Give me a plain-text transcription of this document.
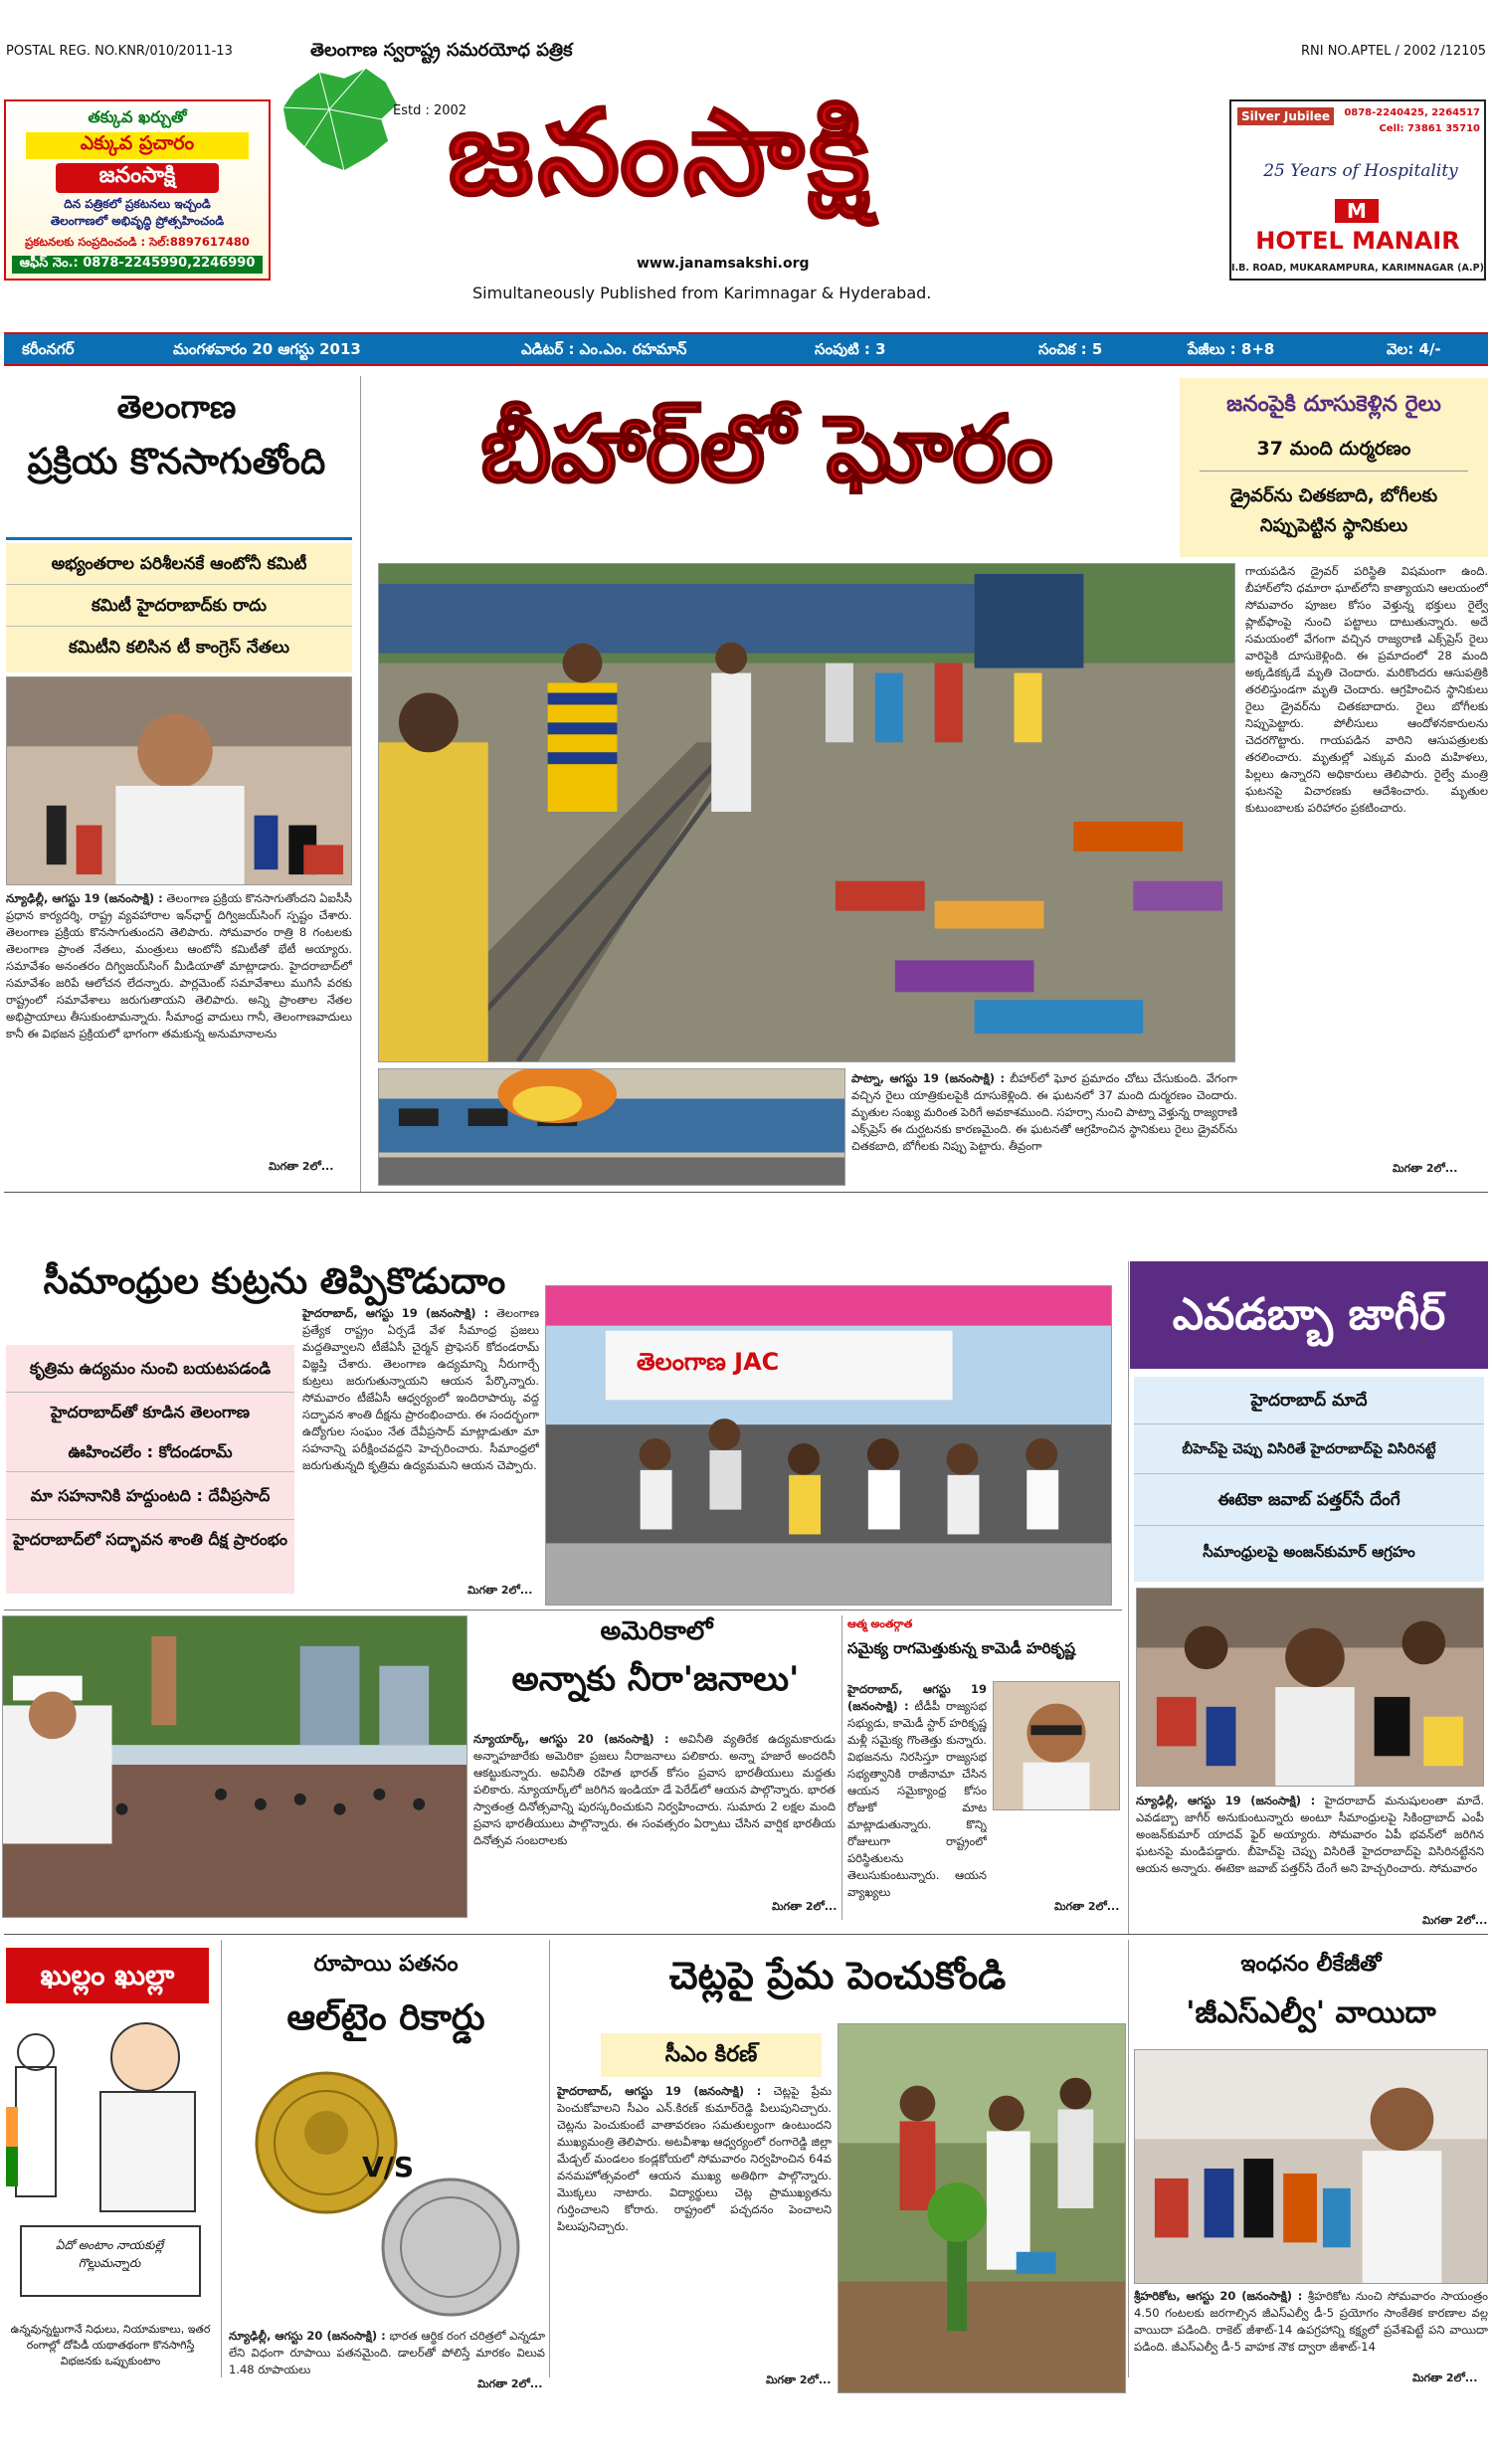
POSTAL REG. NO.KNR/010/2011-13	RNI NO.APTEL / 2002 /12105
తెలంగాణ స్వరాష్ట్ర సమరయోధ పత్రిక
తక్కువ ఖర్చుతో
ఎక్కువ ప్రచారం
జనంసాక్షి
దిన పత్రికలో ప్రకటనలు ఇచ్చండి
తెలంగాణలో అభివృద్ధి ప్రోత్సహించండి
ప్రకటనలకు సంప్రదించండి : సెల్:8897617480
ఆఫీస్ నెం.: 0878-2245990,2246990
Estd : 2002
జనంసాక్షి
www.janamsakshi.org
Simultaneously Published from Karimnagar & Hyderabad.
Silver Jubilee	0878-2240425, 2264517
Cell: 73861 35710
25 Years of Hospitality
M
HOTEL MANAIR
I.B. ROAD, MUKARAMPURA, KARIMNAGAR (A.P)
కరీంనగర్	మంగళవారం 20 ఆగస్టు 2013	ఎడిటర్ : ఎం.ఎం. రహమాన్	సంపుటి : 3	సంచిక : 5	పేజీలు : 8+8	వెల: 4/-
తెలంగాణ
ప్రక్రియ కొనసాగుతోంది
అభ్యంతరాల పరిశీలనకే ఆంటోనీ కమిటీ
కమిటీ హైదరాబాద్‌కు రాదు
కమిటీని కలిసిన టీ కాంగ్రెస్ నేతలు
న్యూఢిల్లీ, ఆగస్టు 19 (జనంసాక్షి) : తెలంగాణ ప్రక్రియ కొనసాగుతోందని ఏఐసీసీ ప్రధాన కార్యదర్శి, రాష్ట్ర వ్యవహారాల ఇన్‌ఛార్జ్ దిగ్విజయ్‌సింగ్ స్పష్టం చేశారు. తెలంగాణ ప్రక్రియ కొనసాగుతుందని తెలిపారు. సోమవారం రాత్రి 8 గంటలకు తెలంగాణ ప్రాంత నేతలు, మంత్రులు ఆంటోనీ కమిటీతో భేటీ అయ్యారు. సమావేశం అనంతరం దిగ్విజయ్‌సింగ్ మీడియాతో మాట్లాడారు. హైదరాబాద్‌లో సమావేశం జరిపే ఆలోచన లేదన్నారు. పార్లమెంట్ సమావేశాలు ముగిసే వరకు రాష్ట్రంలో సమావేశాలు జరుగుతాయని తెలిపారు. అన్ని ప్రాంతాల నేతల అభిప్రాయాలు తీసుకుంటామన్నారు. సీమాంధ్ర వాదులు గానీ, తెలంగాణవాదులు కానీ ఈ విభజన ప్రక్రియలో భాగంగా తమకున్న అనుమానాలను
మిగతా 2లో...
బీహార్‌లో ఘోరం	జనంపైకి దూసుకెళ్లిన రైలు
37 మంది దుర్మరణం
డ్రైవర్‌ను చితకబాది, బోగీలకు నిప్పుపెట్టిన స్థానికులు
పాట్నా, ఆగస్టు 19 (జనంసాక్షి) : బీహార్‌లో ఘోర ప్రమాదం చోటు చేసుకుంది. వేగంగా వచ్చిన రైలు యాత్రికులపైకి దూసుకెళ్లింది. ఈ ఘటనలో 37 మంది దుర్మరణం చెందారు. మృతుల సంఖ్య మరింత పెరిగే అవకాశముంది. సహర్సా నుంచి పాట్నా వెళ్తున్న రాజ్యరాణి ఎక్స్‌ప్రెస్ ఈ దుర్ఘటనకు కారణమైంది. ఈ ఘటనతో ఆగ్రహించిన స్థానికులు రైలు డ్రైవర్‌ను చితకబాది, బోగీలకు నిప్పు పెట్టారు. తీవ్రంగా
గాయపడిన డ్రైవర్ పరిస్థితి విషమంగా ఉంది. బీహార్‌లోని ధమారా ఘాట్‌లోని కాత్యాయని ఆలయంలో సోమవారం పూజల కోసం వెళ్తున్న భక్తులు రైల్వే ప్లాట్‌ఫాంపై నుంచి పట్టాలు దాటుతున్నారు. అదే సమయంలో వేగంగా వచ్చిన రాజ్యరాణి ఎక్స్‌ప్రెస్ రైలు వారిపైకి దూసుకెళ్లింది. ఈ ప్రమాదంలో 28 మంది అక్కడికక్కడే మృతి చెందారు. మరికొందరు ఆసుపత్రికి తరలిస్తుండగా మృతి చెందారు. ఆగ్రహించిన స్థానికులు రైలు డ్రైవర్‌ను చితకబాదారు. రైలు బోగీలకు నిప్పుపెట్టారు. పోలీసులు ఆందోళనకారులను చెదరగొట్టారు. గాయపడిన వారిని ఆసుపత్రులకు తరలించారు. మృతుల్లో ఎక్కువ మంది మహిళలు, పిల్లలు ఉన్నారని అధికారులు తెలిపారు. రైల్వే మంత్రి ఘటనపై విచారణకు ఆదేశించారు. మృతుల కుటుంబాలకు పరిహారం ప్రకటించారు.
మిగతా 2లో...
సీమాంధ్రుల కుట్రను తిప్పికొడుదాం
కృత్రిమ ఉద్యమం నుంచి బయటపడండి
హైదరాబాద్‌తో కూడిన తెలంగాణ
ఊహించలేం : కోదండరామ్
మా సహనానికి హద్దుంటది : దేవీప్రసాద్
హైదరాబాద్‌లో సద్భావన శాంతి దీక్ష ప్రారంభం
హైదరాబాద్, ఆగస్టు 19 (జనంసాక్షి) : తెలంగాణ ప్రత్యేక రాష్ట్రం ఏర్పడే వేళ సీమాంధ్ర ప్రజలు మద్దతివ్వాలని టీజేఏసీ చైర్మన్ ప్రొఫెసర్ కోదండరామ్ విజ్ఞప్తి చేశారు. తెలంగాణ ఉద్యమాన్ని నీరుగార్చే కుట్రలు జరుగుతున్నాయని ఆయన పేర్కొన్నారు. సోమవారం టీజేఏసీ ఆధ్వర్యంలో ఇందిరాపార్కు వద్ద సద్భావన శాంతి దీక్షను ప్రారంభించారు. ఈ సందర్భంగా ఉద్యోగుల సంఘం నేత దేవీప్రసాద్ మాట్లాడుతూ మా సహనాన్ని పరీక్షించవద్దని హెచ్చరించారు. సీమాంధ్రలో జరుగుతున్నది కృత్రిమ ఉద్యమమని ఆయన చెప్పారు.
మిగతా 2లో...
తెలంగాణ JAC
ఎవడబ్బా జాగీర్
హైదరాబాద్ మాదే
బీహెచ్‌పై చెప్పు విసిరితే హైదరాబాద్‌పై విసిరినట్టే
ఈటెకా జవాబ్ పత్తర్‌సే దేంగే
సీమాంధ్రులపై అంజన్‌కుమార్ ఆగ్రహం
న్యూఢిల్లీ, ఆగస్టు 19 (జనంసాక్షి) : హైదరాబాద్ మనుషులంతా మాదే. ఎవడబ్బా జాగీర్ అనుకుంటున్నారు అంటూ సీమాంధ్రులపై సికింద్రాబాద్ ఎంపీ అంజన్‌కుమార్ యాదవ్ ఫైర్ అయ్యారు. సోమవారం ఏపీ భవన్‌లో జరిగిన ఘటనపై మండిపడ్డారు. బీహెచ్‌పై చెప్పు విసిరితే హైదరాబాద్‌పై విసిరినట్టేనని ఆయన అన్నారు. ఈటెకా జవాబ్ పత్తర్‌సే దేంగే అని హెచ్చరించారు. సోమవారం
మిగతా 2లో...
అమెరికాలో
అన్నాకు నీరా'జనాలు'
న్యూయార్క్, ఆగస్టు 20 (జనంసాక్షి) : అవినీతి వ్యతిరేక ఉద్యమకారుడు అన్నాహజారేకు అమెరికా ప్రజలు నీరాజనాలు పలికారు. అన్నా హజారే అందరినీ ఆకట్టుకున్నారు. అవినీతి రహిత భారత్ కోసం ప్రవాస భారతీయులు మద్దతు పలికారు. న్యూయార్క్‌లో జరిగిన ఇండియా డే పెరేడ్‌లో ఆయన పాల్గొన్నారు. భారత స్వాతంత్ర దినోత్సవాన్ని పురస్కరించుకుని నిర్వహించారు. సుమారు 2 లక్షల మంది ప్రవాస భారతీయులు పాల్గొన్నారు. ఈ సంవత్సరం ఏర్పాటు చేసిన వార్షిక భారతీయ దినోత్సవ సంబరాలకు
మిగతా 2లో...
ఆత్మ అంతర్గాత
సమైక్య రాగమెత్తుకున్న కామెడీ హరికృష్ణ
హైదరాబాద్, ఆగస్టు 19 (జనంసాక్షి) : టీడీపీ రాజ్యసభ సభ్యుడు, కామెడీ స్టార్ హరికృష్ణ మళ్లీ సమైక్య గొంతెత్తు కున్నారు. విభజనను నిరసిస్తూ రాజ్యసభ సభ్యత్వానికి రాజీనామా చేసిన ఆయన సమైక్యాంధ్ర కోసం రోజుకో మాట మాట్లాడుతున్నారు. కొన్ని రోజులుగా రాష్ట్రంలో పరిస్థితులను తెలుసుకుంటున్నారు. ఆయన వ్యాఖ్యలు
మిగతా 2లో...
ఖుల్లం ఖుల్లా
ఏదో అంటాం నాయకుల్లే గొల్లుమన్నారు
ఉన్నవున్నట్టుగానే నిధులు, నియామకాలు, ఇతర రంగాల్లో దోపిడీ యథాతథంగా కొనసాగిస్తే విభజనకు ఒప్పుకుంటాం
రూపాయి పతనం
ఆల్‌టైం రికార్డు
V/S
న్యూఢిల్లీ, ఆగస్టు 20 (జనంసాక్షి) : భారత ఆర్థిక రంగ చరిత్రలో ఎన్నడూ లేని విధంగా రూపాయి పతనమైంది. డాలర్‌తో పోలిస్తే మారకం విలువ 1.48 రూపాయలు
మిగతా 2లో...
చెట్లపై ప్రేమ పెంచుకోండి
సీఎం కిరణ్
హైదరాబాద్, ఆగస్టు 19 (జనంసాక్షి) : చెట్లపై ప్రేమ పెంచుకోవాలని సీఎం ఎన్.కిరణ్ కుమార్‌రెడ్డి పిలుపునిచ్చారు. చెట్లను పెంచుకుంటే వాతావరణం సమతుల్యంగా ఉంటుందని ముఖ్యమంత్రి తెలిపారు. అటవీశాఖ ఆధ్వర్యంలో రంగారెడ్డి జిల్లా మేడ్చల్ మండలం కండ్లకోయలో సోమవారం నిర్వహించిన 64వ వనమహోత్సవంలో ఆయన ముఖ్య అతిథిగా పాల్గొన్నారు. మొక్కలు నాటారు. విద్యార్థులు చెట్ల ప్రాముఖ్యతను గుర్తించాలని కోరారు. రాష్ట్రంలో పచ్చదనం పెంచాలని పిలుపునిచ్చారు.
మిగతా 2లో...
ఇంధనం లీకేజీతో
'జీఎస్‌ఎల్వీ' వాయిదా
శ్రీహరికోట, ఆగస్టు 20 (జనంసాక్షి) : శ్రీహరికోట నుంచి సోమవారం సాయంత్రం 4.50 గంటలకు జరగాల్సిన జీఎస్‌ఎల్వీ డీ-5 ప్రయోగం సాంకేతిక కారణాల వల్ల వాయిదా పడింది. రాకెట్ జీశాట్-14 ఉపగ్రహాన్ని కక్ష్యలో ప్రవేశపెట్టే పని వాయిదా పడింది. జీఎస్‌ఎల్వీ డీ-5 వాహక నౌక ద్వారా జీశాట్-14
మిగతా 2లో...
